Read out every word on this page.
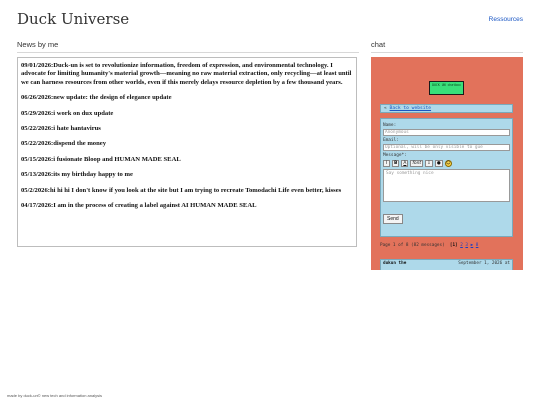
Duck Universe	Ressources
News by me	chat

09/01/2026:Duck-un is set to revolutionize information, freedom of expression, and environmental technology. I advocate for limiting humanity's material growth—meaning no raw material extraction, only recycling—at least until we can harness resources from other worlds, even if this merely delays resource depletion by a few thousand years.

06/26/2026:new update: the design of elegance update

05/29/2026:i work on dux update

05/22/2026:i hate hantavirus

05/22/2026:dispend the money

05/15/2026:i fusionate Bloop and HUMAN MADE SEAL

05/13/2026:its my birthday happy to me

05/2/2026:hi hi hi I don't know if you look at the site but I am trying to recreate Tomodachi Life even better, kisses

04/17/2026:I am in the process of creating a label against AI HUMAN MADE SEAL

DUCK UN chatbox
« Back to website
Name:
Anonymous
Email:
Optional, will be only visible to gue
Message*:
I	B	A	font	⇩	●	☺
Say something nice
Send
Page 1 of 8 (82 messages) [1] 2 3 ▶ 8
dukun the	September 1, 2026 at
made by duck-un© new tech and information analysis
